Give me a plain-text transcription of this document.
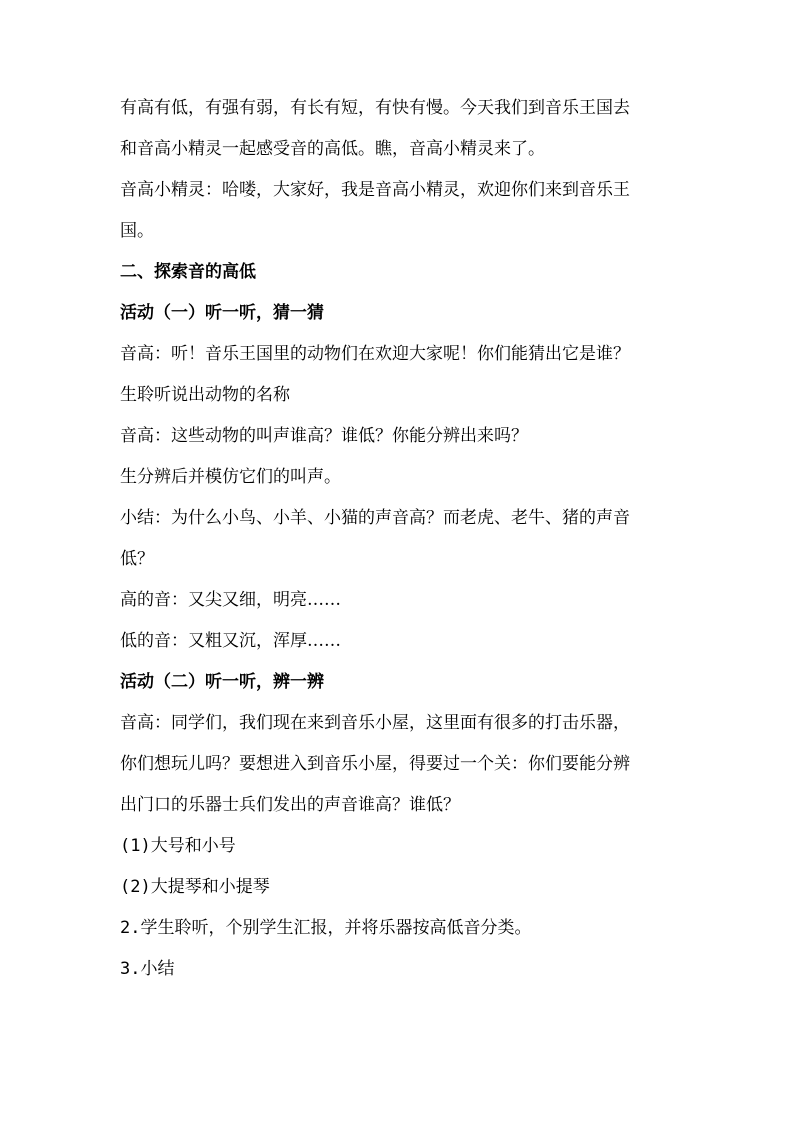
有高有低，有强有弱，有长有短，有快有慢。今天我们到音乐王国去
和音高小精灵一起感受音的高低。瞧，音高小精灵来了。
音高小精灵：哈喽，大家好，我是音高小精灵，欢迎你们来到音乐王
国。
二、探索音的高低
活动（一）听一听，猜一猜
音高：听！音乐王国里的动物们在欢迎大家呢！你们能猜出它是谁？
生聆听说出动物的名称
音高：这些动物的叫声谁高？谁低？你能分辨出来吗？
生分辨后并模仿它们的叫声。
小结：为什么小鸟、小羊、小猫的声音高？而老虎、老牛、猪的声音
低？
高的音：又尖又细，明亮……
低的音：又粗又沉，浑厚……
活动（二）听一听，辨一辨
音高：同学们，我们现在来到音乐小屋，这里面有很多的打击乐器，
你们想玩儿吗？要想进入到音乐小屋，得要过一个关：你们要能分辨
出门口的乐器士兵们发出的声音谁高？谁低？
(1)大号和小号
(2)大提琴和小提琴
2.学生聆听，个别学生汇报，并将乐器按高低音分类。
3.小结
